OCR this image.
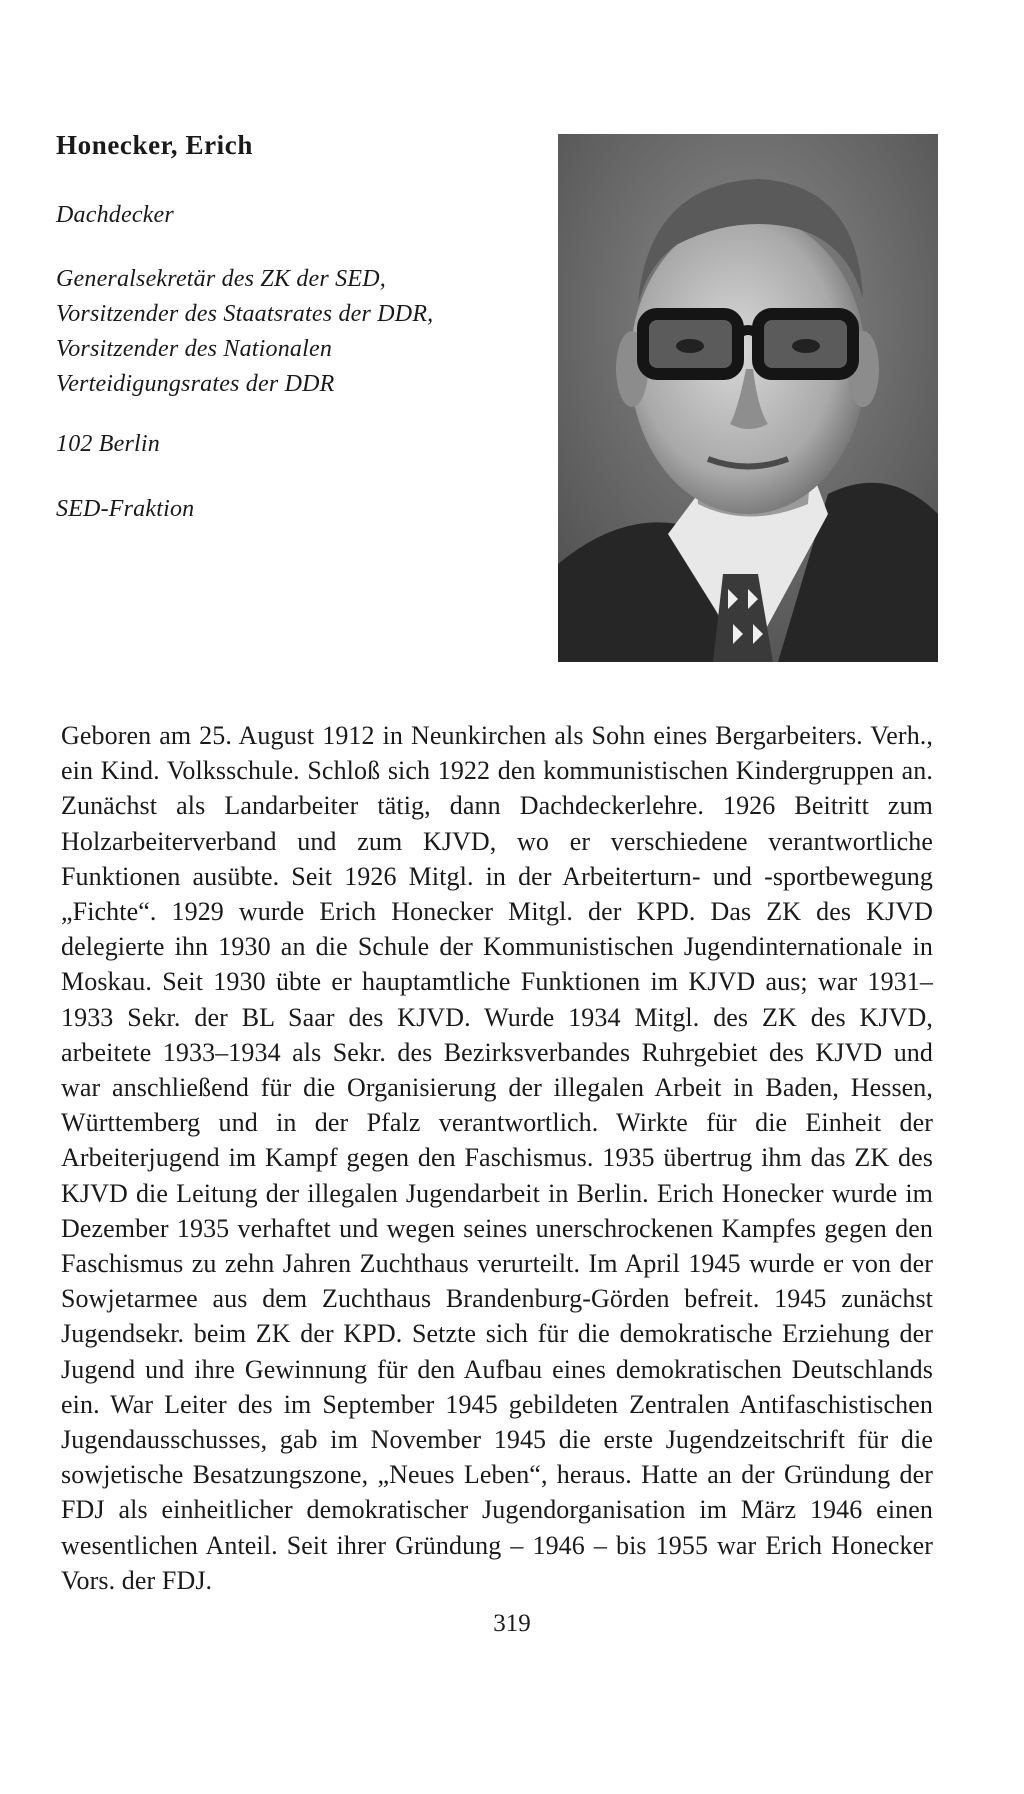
Honecker, Erich

Dachdecker

Generalsekretär des ZK der SED, Vorsitzender des Staatsrates der DDR, Vorsitzender des Nationalen Verteidigungsrates der DDR

102 Berlin

SED-Fraktion

Geboren am 25. August 1912 in Neunkirchen als Sohn eines Bergarbeiters. Verh., ein Kind. Volksschule. Schloß sich 1922 den kommunistischen Kindergruppen an. Zunächst als Landarbeiter tätig, dann Dachdeckerlehre. 1926 Beitritt zum Holzarbeiterverband und zum KJVD, wo er verschiedene verantwortliche Funktionen ausübte. Seit 1926 Mitgl. in der Arbeiterturn- und -sportbewegung „Fichte“. 1929 wurde Erich Honecker Mitgl. der KPD. Das ZK des KJVD delegierte ihn 1930 an die Schule der Kommunistischen Jugendinternationale in Moskau. Seit 1930 übte er hauptamtliche Funktionen im KJVD aus; war 1931–1933 Sekr. der BL Saar des KJVD. Wurde 1934 Mitgl. des ZK des KJVD, arbeitete 1933–1934 als Sekr. des Bezirksverbandes Ruhrgebiet des KJVD und war anschließend für die Organisierung der illegalen Arbeit in Baden, Hessen, Württemberg und in der Pfalz verantwortlich. Wirkte für die Einheit der Arbeiterjugend im Kampf gegen den Faschismus. 1935 übertrug ihm das ZK des KJVD die Leitung der illegalen Jugendarbeit in Berlin. Erich Honecker wurde im Dezember 1935 verhaftet und wegen seines unerschrockenen Kampfes gegen den Faschismus zu zehn Jahren Zuchthaus verurteilt. Im April 1945 wurde er von der Sowjetarmee aus dem Zuchthaus Brandenburg-Görden befreit. 1945 zunächst Jugendsekr. beim ZK der KPD. Setzte sich für die demokratische Erziehung der Jugend und ihre Gewinnung für den Aufbau eines demokratischen Deutschlands ein. War Leiter des im September 1945 gebildeten Zentralen Antifaschistischen Jugendausschusses, gab im November 1945 die erste Jugendzeitschrift für die sowjetische Besatzungszone, „Neues Leben“, heraus. Hatte an der Gründung der FDJ als einheitlicher demokratischer Jugendorganisation im März 1946 einen wesentlichen Anteil. Seit ihrer Gründung – 1946 – bis 1955 war Erich Honecker Vors. der FDJ.

319
